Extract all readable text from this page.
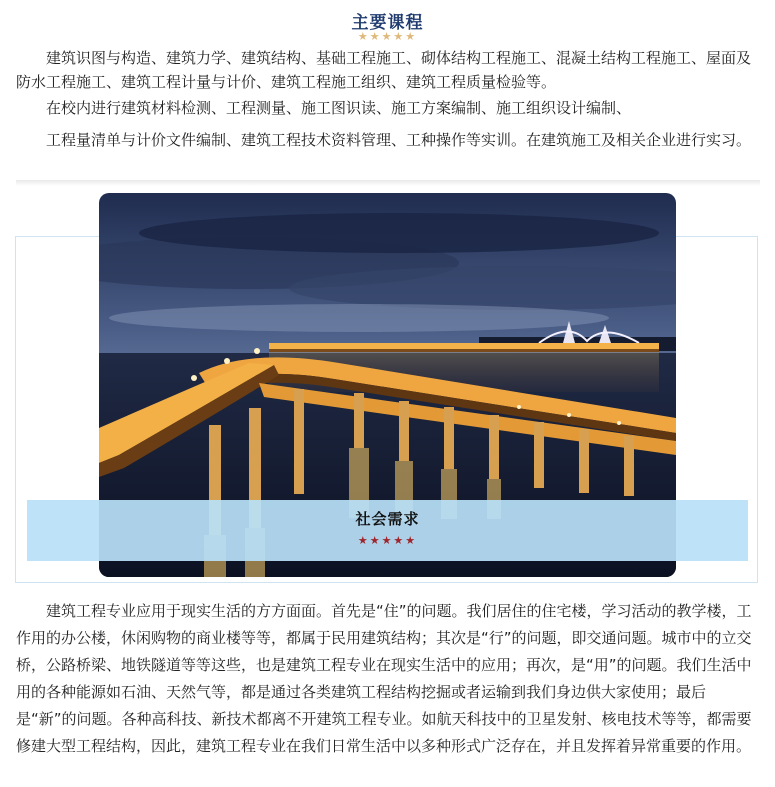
主要课程
★★★★★

建筑识图与构造、建筑力学、建筑结构、基础工程施工、砌体结构工程施工、混凝土结构工程施工、屋面及防水工程施工、建筑工程计量与计价、建筑工程施工组织、建筑工程质量检验等。

在校内进行建筑材料检测、工程测量、施工图识读、施工方案编制、施工组织设计编制、

工程量清单与计价文件编制、建筑工程技术资料管理、工种操作等实训。在建筑施工及相关企业进行实习。

社会需求
★★★★★

建筑工程专业应用于现实生活的方方面面。首先是“住”的问题。我们居住的住宅楼，学习活动的教学楼，工作用的办公楼，休闲购物的商业楼等等，都属于民用建筑结构；其次是“行”的问题，即交通问题。城市中的立交桥，公路桥梁、地铁隧道等等这些，也是建筑工程专业在现实生活中的应用；再次，是“用”的问题。我们生活中用的各种能源如石油、天然气等，都是通过各类建筑工程结构挖掘或者运输到我们身边供大家使用；最后是“新”的问题。各种高科技、新技术都离不开建筑工程专业。如航天科技中的卫星发射、核电技术等等，都需要修建大型工程结构，因此，建筑工程专业在我们日常生活中以多种形式广泛存在，并且发挥着异常重要的作用。
